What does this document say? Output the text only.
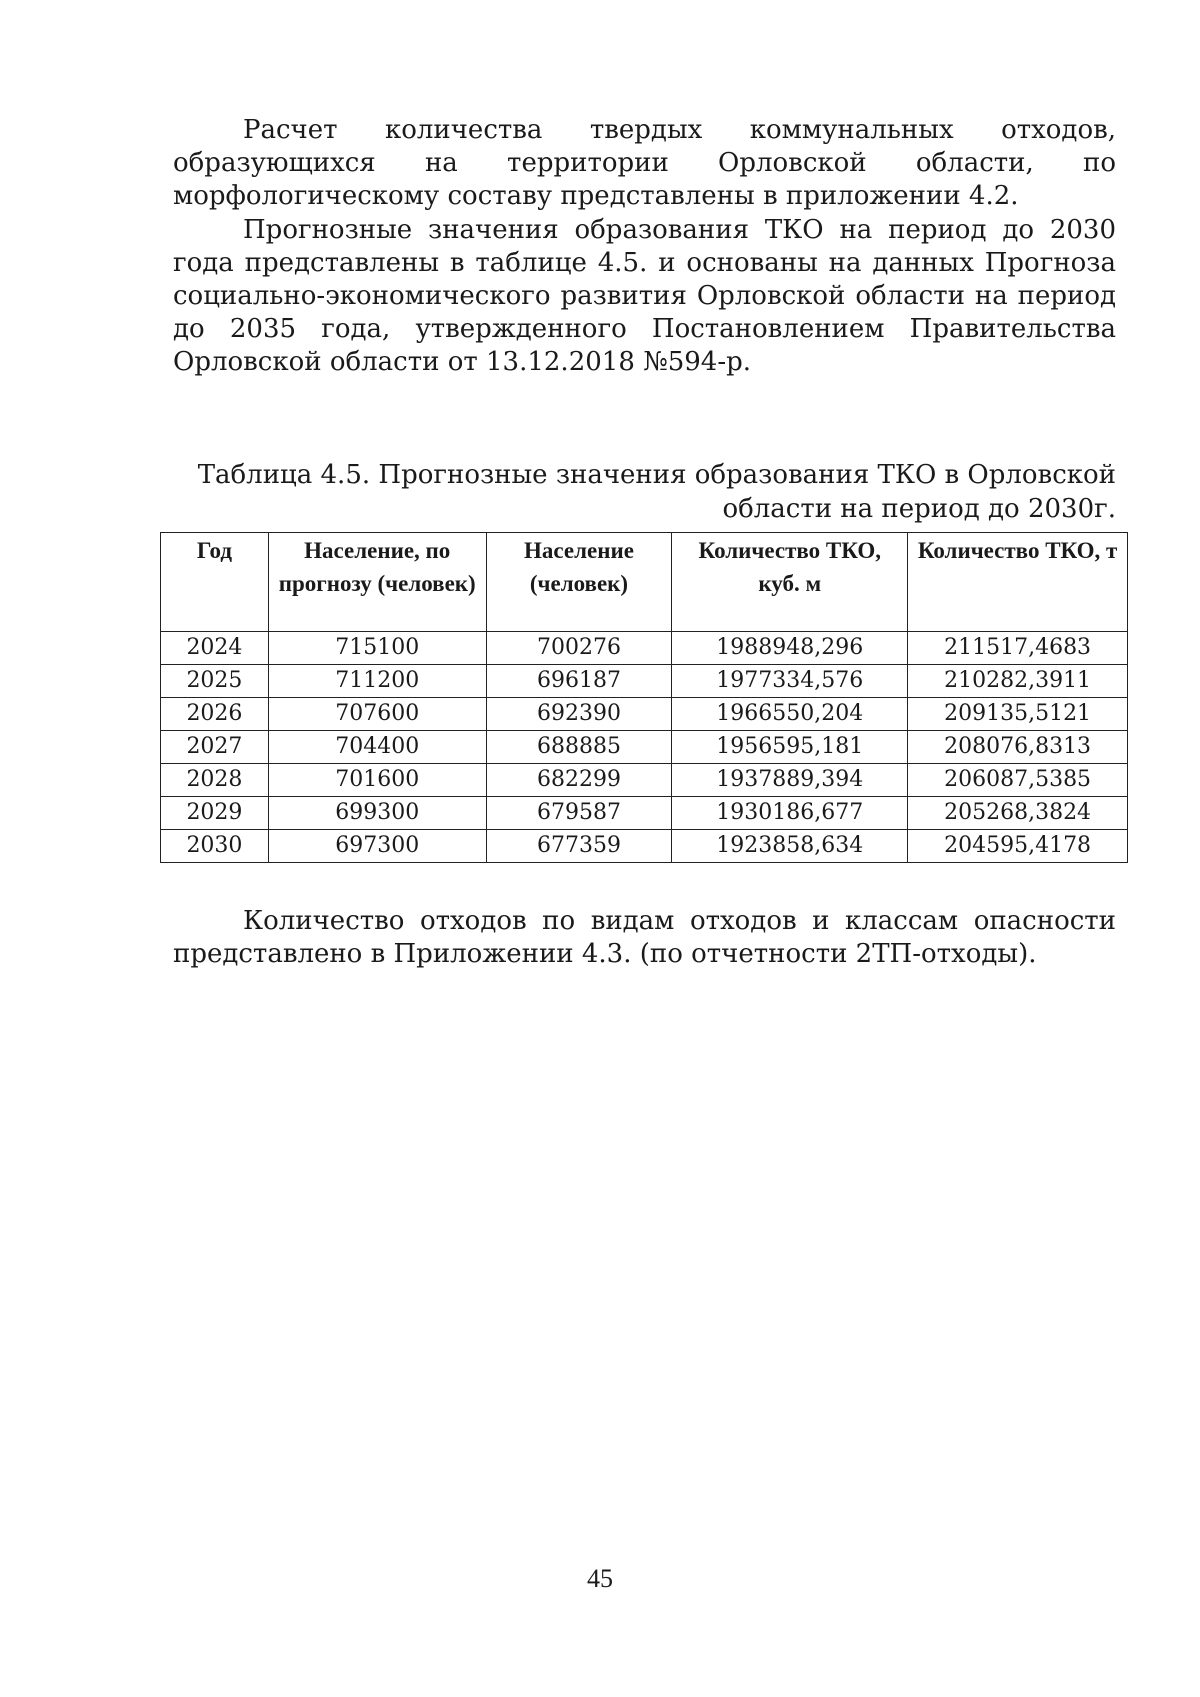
Расчет количества твердых коммунальных отходов, образующихся на территории Орловской области, по морфологическому составу представлены в приложении 4.2.

Прогнозные значения образования ТКО на период до 2030 года представлены в таблице 4.5. и основаны на данных Прогноза социально-экономического развития Орловской области на период до 2035 года, утвержденного Постановлением Правительства Орловской области от 13.12.2018 №594-р.

Таблица 4.5. Прогнозные значения образования ТКО в Орловской
области на период до 2030г.
Год	Население, по прогнозу (человек)	Население (человек)	Количество ТКО, куб. м	Количество ТКО, т
2024	715100	700276	1988948,296	211517,4683
2025	711200	696187	1977334,576	210282,3911
2026	707600	692390	1966550,204	209135,5121
2027	704400	688885	1956595,181	208076,8313
2028	701600	682299	1937889,394	206087,5385
2029	699300	679587	1930186,677	205268,3824
2030	697300	677359	1923858,634	204595,4178

Количество отходов по видам отходов и классам опасности представлено в Приложении 4.3. (по отчетности 2ТП-отходы).

45
